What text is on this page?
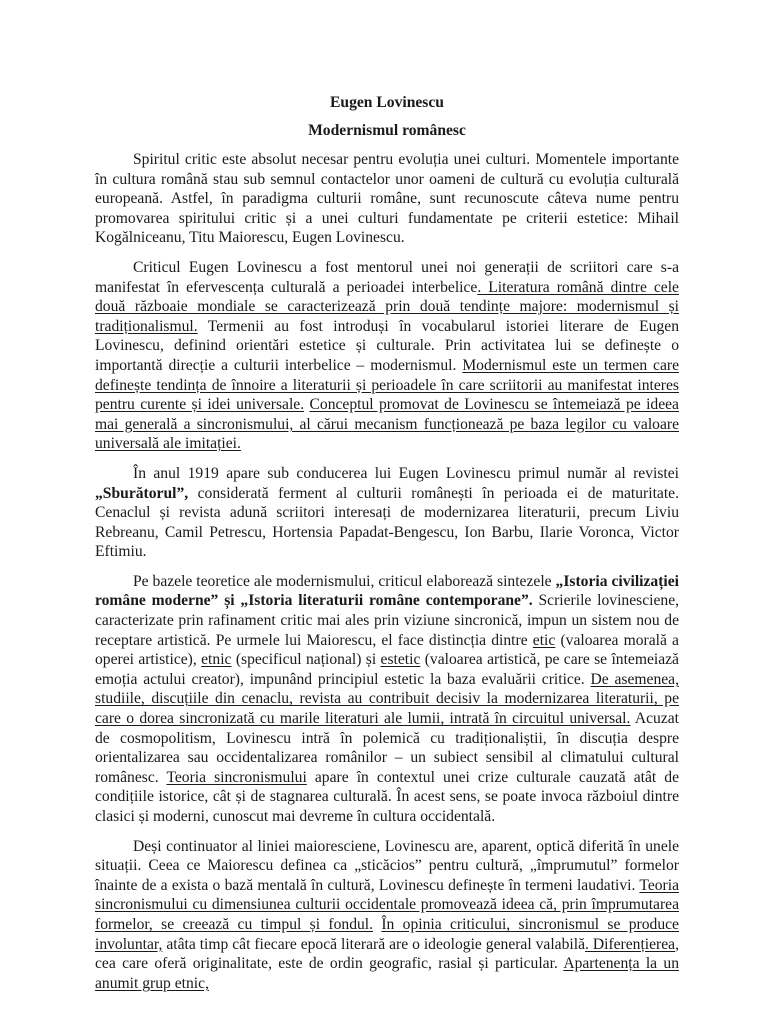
Eugen Lovinescu
Modernismul românesc

Spiritul critic este absolut necesar pentru evoluția unei culturi. Momentele importante în cultura română stau sub semnul contactelor unor oameni de cultură cu evoluția culturală europeană. Astfel, în paradigma culturii române, sunt recunoscute câteva nume pentru promovarea spiritului critic și a unei culturi fundamentate pe criterii estetice: Mihail Kogălniceanu, Titu Maiorescu, Eugen Lovinescu.

Criticul Eugen Lovinescu a fost mentorul unei noi generații de scriitori care s-a manifestat în efervescența culturală a perioadei interbelice. Literatura română dintre cele două războaie mondiale se caracterizează prin două tendințe majore: modernismul și tradiționalismul. Termenii au fost introduși în vocabularul istoriei literare de Eugen Lovinescu, definind orientări estetice și culturale. Prin activitatea lui se definește o importantă direcție a culturii interbelice – modernismul. Modernismul este un termen care definește tendința de înnoire a literaturii și perioadele în care scriitorii au manifestat interes pentru curente și idei universale. Conceptul promovat de Lovinescu se întemeiază pe ideea mai generală a sincronismului, al cărui mecanism funcționează pe baza legilor cu valoare universală ale imitației.

În anul 1919 apare sub conducerea lui Eugen Lovinescu primul număr al revistei „Sburătorul”, considerată ferment al culturii românești în perioada ei de maturitate. Cenaclul și revista adună scriitori interesați de modernizarea literaturii, precum Liviu Rebreanu, Camil Petrescu, Hortensia Papadat-Bengescu, Ion Barbu, Ilarie Voronca, Victor Eftimiu.

Pe bazele teoretice ale modernismului, criticul elaborează sintezele „Istoria civilizației române moderne” și „Istoria literaturii române contemporane”. Scrierile lovinesciene, caracterizate prin rafinament critic mai ales prin viziune sincronică, impun un sistem nou de receptare artistică. Pe urmele lui Maiorescu, el face distincția dintre etic (valoarea morală a operei artistice), etnic (specificul național) și estetic (valoarea artistică, pe care se întemeiază emoția actului creator), impunând principiul estetic la baza evaluării critice. De asemenea, studiile, discuțiile din cenaclu, revista au contribuit decisiv la modernizarea literaturii, pe care o dorea sincronizată cu marile literaturi ale lumii, intrată în circuitul universal. Acuzat de cosmopolitism, Lovinescu intră în polemică cu tradiționaliștii, în discuția despre orientalizarea sau occidentalizarea românilor – un subiect sensibil al climatului cultural românesc. Teoria sincronismului apare în contextul unei crize culturale cauzată atât de condițiile istorice, cât și de stagnarea culturală. În acest sens, se poate invoca războiul dintre clasici și moderni, cunoscut mai devreme în cultura occidentală.

Deși continuator al liniei maioresciene, Lovinescu are, aparent, optică diferită în unele situații. Ceea ce Maiorescu definea ca „sticăcios” pentru cultură, „împrumutul” formelor înainte de a exista o bază mentală în cultură, Lovinescu definește în termeni laudativi. Teoria sincronismului cu dimensiunea culturii occidentale promovează ideea că, prin împrumutarea formelor, se creează cu timpul și fondul. În opinia criticului, sincronismul se produce involuntar, atâta timp cât fiecare epocă literară are o ideologie general valabilă. Diferențierea, cea care oferă originalitate, este de ordin geografic, rasial și particular. Apartenența la un anumit grup etnic,
